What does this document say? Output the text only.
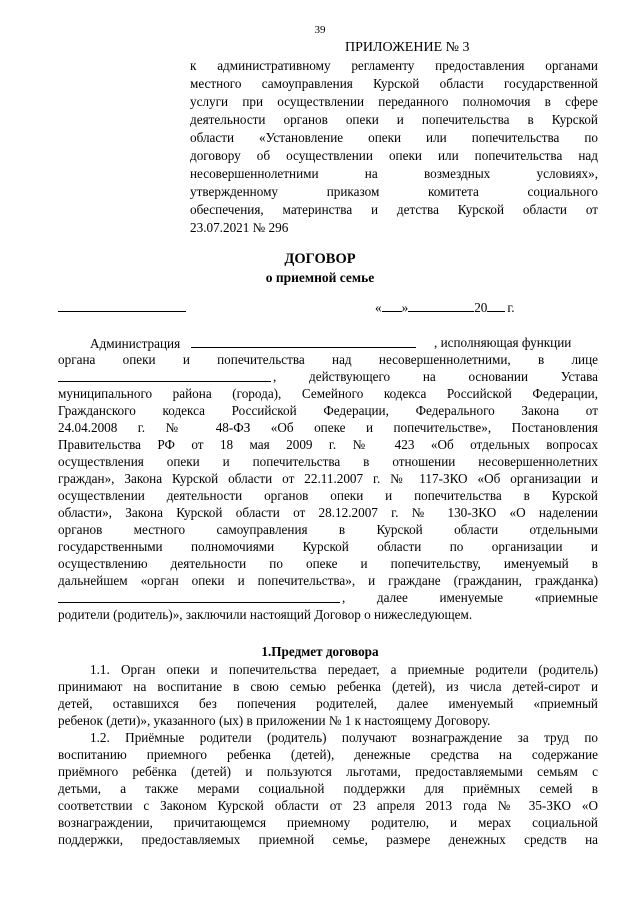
39
ПРИЛОЖЕНИЕ № 3
к административному регламенту предоставления органами
местного самоуправления Курской области государственной
услуги при осуществлении переданного полномочия в сфере
деятельности органов опеки и попечительства в Курской
области «Установление опеки или попечительства по
договору об осуществлении опеки или попечительства над
несовершеннолетними на возмездных условиях»,
утвержденному приказом комитета социального
обеспечения, материнства и детства Курской области от
23.07.2021 № 296
ДОГОВОР
о приемной семье
« »	20 г.
Администрация	, исполняющая функции
органа опеки и попечительства над несовершеннолетними, в лице
, действующего на основании Устава
муниципального района (города), Семейного кодекса Российской Федерации,
Гражданского кодекса Российской Федерации, Федерального Закона от
24.04.2008 г. № 48-ФЗ «Об опеке и попечительстве», Постановления
Правительства РФ от 18 мая 2009 г. № 423 «Об отдельных вопросах
осуществления опеки и попечительства в отношении несовершеннолетних
граждан», Закона Курской области от 22.11.2007 г. № 117-ЗКО «Об организации и
осуществлении деятельности органов опеки и попечительства в Курской
области», Закона Курской области от 28.12.2007 г. № 130-ЗКО «О наделении
органов местного самоуправления в Курской области отдельными
государственными полномочиями Курской области по организации и
осуществлению деятельности по опеке и попечительству, именуемый в
дальнейшем «орган опеки и попечительства», и граждане (гражданин, гражданка)
, далее именуемые «приемные
родители (родитель)», заключили настоящий Договор о нижеследующем.
1.Предмет договора
1.1. Орган опеки и попечительства передает, а приемные родители (родитель)
принимают на воспитание в свою семью ребенка (детей), из числа детей-сирот и
детей, оставшихся без попечения родителей, далее именуемый «приемный
ребенок (дети)», указанного (ых) в приложении № 1 к настоящему Договору.
1.2. Приёмные родители (родитель) получают вознаграждение за труд по
воспитанию приемного ребенка (детей), денежные средства на содержание
приёмного ребёнка (детей) и пользуются льготами, предоставляемыми семьям с
детьми, а также мерами социальной поддержки для приёмных семей в
соответствии с Законом Курской области от 23 апреля 2013 года № 35-ЗКО «О
вознаграждении, причитающемся приемному родителю, и мерах социальной
поддержки, предоставляемых приемной семье, размере денежных средств на
